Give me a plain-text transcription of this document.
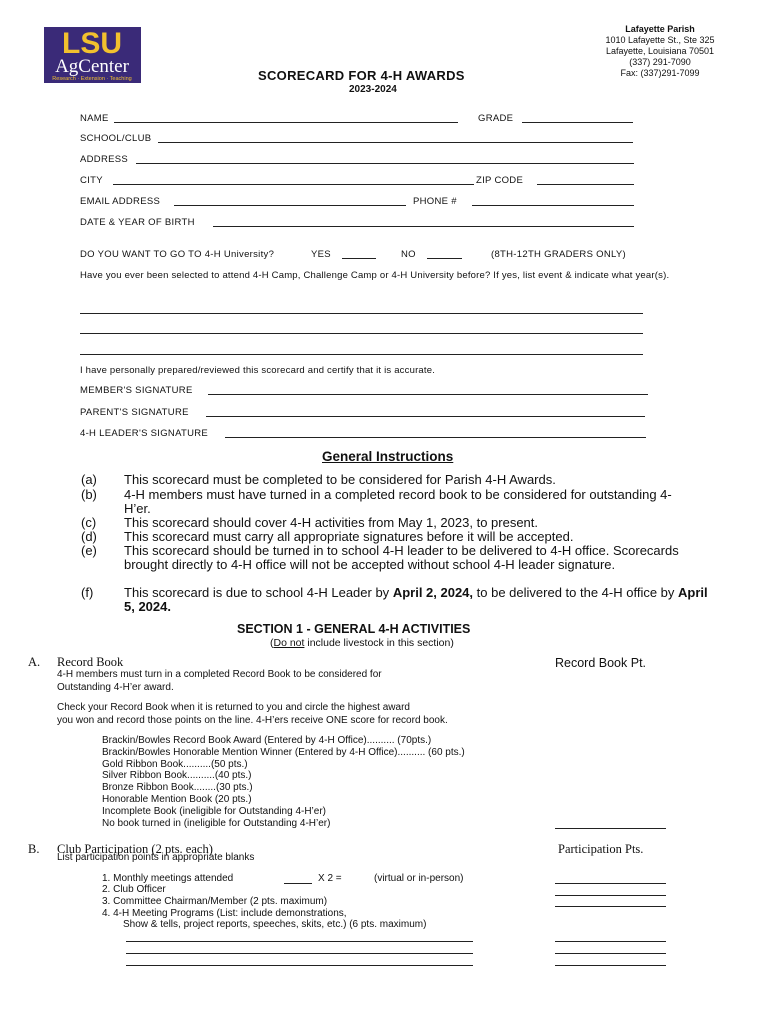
LSU
AgCenter
Research · Extension · Teaching
Lafayette Parish
1010 Lafayette St., Ste 325
Lafayette, Louisiana 70501
(337) 291-7090
Fax: (337)291-7099
SCORECARD FOR 4-H AWARDS
2023-2024
NAME	GRADE
SCHOOL/CLUB
ADDRESS
CITY	ZIP CODE
EMAIL ADDRESS	PHONE #
DATE & YEAR OF BIRTH
DO YOU WANT TO GO TO 4-H University?	YES	NO	(8TH-12TH GRADERS ONLY)
Have you ever been selected to attend 4-H Camp, Challenge Camp or 4-H University before? If yes, list event & indicate what year(s).
I have personally prepared/reviewed this scorecard and certify that it is accurate.
MEMBER'S SIGNATURE
PARENT'S SIGNATURE
4-H LEADER'S SIGNATURE
General Instructions
(a)	This scorecard must be completed to be considered for Parish 4-H Awards.
(b)	4-H members must have turned in a completed record book to be considered for outstanding 4-H’er.
(c)	This scorecard should cover 4-H activities from May 1, 2023, to present.
(d)	This scorecard must carry all appropriate signatures before it will be accepted.
(e)	This scorecard should be turned in to school 4-H leader to be delivered to 4-H office. Scorecards brought directly to 4-H office will not be accepted without school 4-H leader signature.
(f)	This scorecard is due to school 4-H Leader by April 2, 2024, to be delivered to the 4-H office by April 5, 2024.
SECTION 1 - GENERAL 4-H ACTIVITIES
(Do not include livestock in this section)
A. Record Book	Record Book Pt.
4-H members must turn in a completed Record Book to be considered for
Outstanding 4-H’er award.
Check your Record Book when it is returned to you and circle the highest award
you won and record those points on the line. 4-H’ers receive ONE score for record book.
Brackin/Bowles Record Book Award (Entered by 4-H Office).......... (70pts.)
Brackin/Bowles Honorable Mention Winner (Entered by 4-H Office).......... (60 pts.)
Gold Ribbon Book..........(50 pts.)
Silver Ribbon Book..........(40 pts.)
Bronze Ribbon Book........(30 pts.)
Honorable Mention Book (20 pts.)
Incomplete Book (ineligible for Outstanding 4-H’er)
No book turned in (ineligible for Outstanding 4-H’er)
B. Club Participation (2 pts. each)	Participation Pts.
List participation points in appropriate blanks
1. Monthly meetings attended	X 2 =	(virtual or in-person)
2. Club Officer
3. Committee Chairman/Member (2 pts. maximum)
4. 4-H Meeting Programs (List: include demonstrations,
Show & tells, project reports, speeches, skits, etc.) (6 pts. maximum)
